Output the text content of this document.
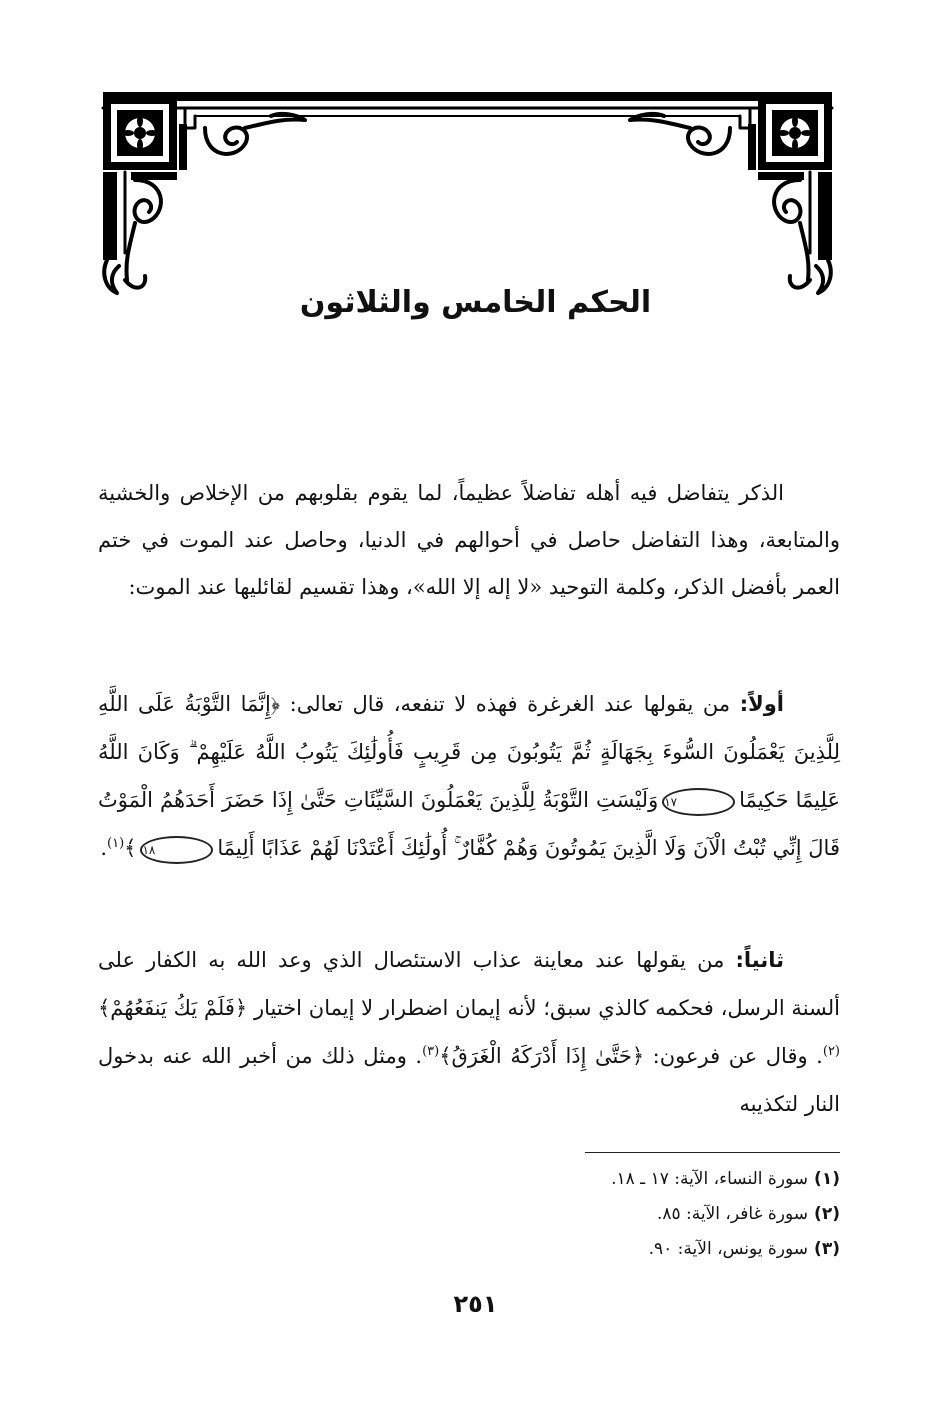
الحكم الخامس والثلاثون

الذكر يتفاضل فيه أهله تفاضلاً عظيماً، لما يقوم بقلوبهم من الإخلاص والخشية والمتابعة، وهذا التفاضل حاصل في أحوالهم في الدنيا، وحاصل عند الموت في ختم العمر بأفضل الذكر، وكلمة التوحيد «لا إله إلا الله»، وهذا تقسيم لقائليها عند الموت:

أولاً: من يقولها عند الغرغرة فهذه لا تنفعه، قال تعالى: ﴿إِنَّمَا التَّوْبَةُ عَلَى اللَّهِ لِلَّذِينَ يَعْمَلُونَ السُّوءَ بِجَهَالَةٍ ثُمَّ يَتُوبُونَ مِن قَرِيبٍ فَأُولَٰئِكَ يَتُوبُ اللَّهُ عَلَيْهِمْ ۗ وَكَانَ اللَّهُ عَلِيمًا حَكِيمًا١٧وَلَيْسَتِ التَّوْبَةُ لِلَّذِينَ يَعْمَلُونَ السَّيِّئَاتِ حَتَّىٰ إِذَا حَضَرَ أَحَدَهُمُ الْمَوْتُ قَالَ إِنِّي تُبْتُ الْآنَ وَلَا الَّذِينَ يَمُوتُونَ وَهُمْ كُفَّارٌ ۚ أُولَٰئِكَ أَعْتَدْنَا لَهُمْ عَذَابًا أَلِيمًا١٨﴾$^{(١)}$.

ثانياً: من يقولها عند معاينة عذاب الاستئصال الذي وعد الله به الكفار على ألسنة الرسل، فحكمه كالذي سبق؛ لأنه إيمان اضطرار لا إيمان اختيار ﴿فَلَمْ يَكُ يَنفَعُهُمْ﴾$^{(٢)}$. وقال عن فرعون: ﴿حَتَّىٰ إِذَا أَدْرَكَهُ الْغَرَقُ﴾$^{(٣)}$. ومثل ذلك من أخبر الله عنه بدخول النار لتكذيبه

(١)سورة النساء، الآية: ١٧ ـ ١٨.
(٢)سورة غافر، الآية: ٨٥.
(٣)سورة يونس، الآية: ٩٠.
٢٥١
